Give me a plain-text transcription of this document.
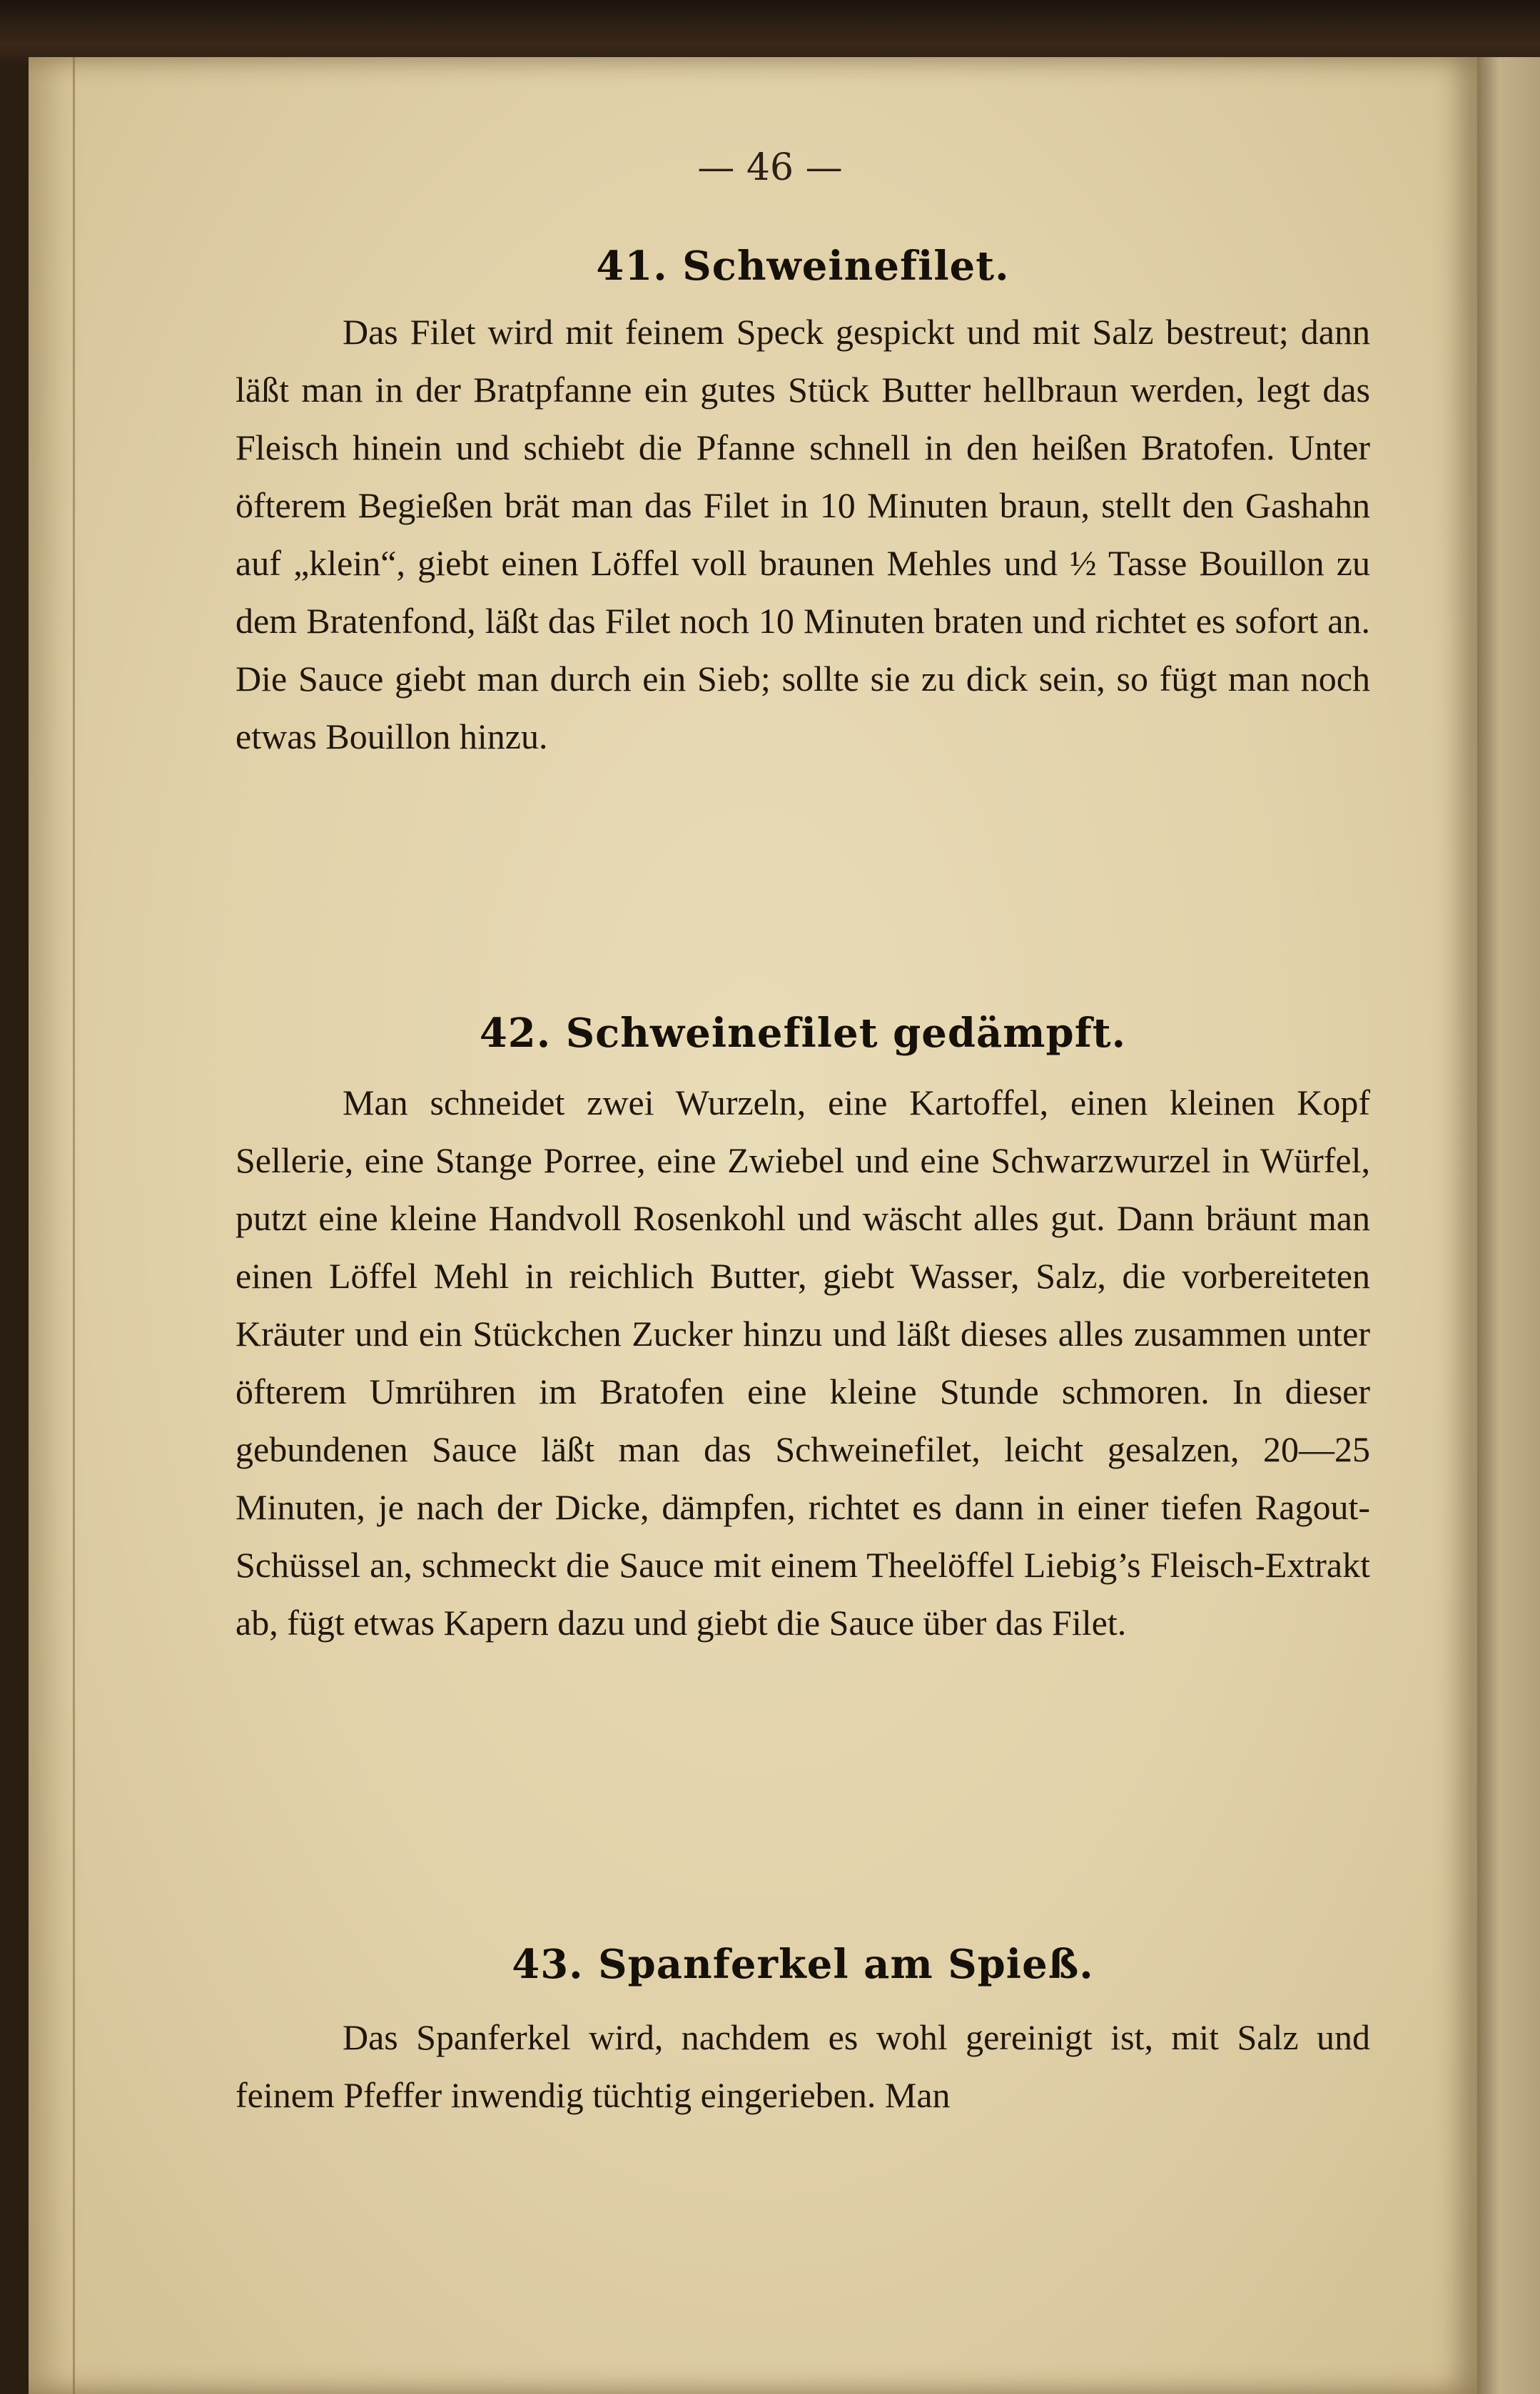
— 46 —
41. Schweinefilet.
Das Filet wird mit feinem Speck gespickt und mit Salz bestreut; dann läßt man in der Bratpfanne ein gutes Stück Butter hellbraun werden, legt das Fleisch hinein und schiebt die Pfanne schnell in den heißen Bratofen. Unter öfterem Begießen brät man das Filet in 10 Minuten braun, stellt den Gashahn auf „klein“, giebt einen Löffel voll braunen Mehles und ½ Tasse Bouillon zu dem Bratenfond, läßt das Filet noch 10 Minuten braten und richtet es sofort an. Die Sauce giebt man durch ein Sieb; sollte sie zu dick sein, so fügt man noch etwas Bouillon hinzu.
42. Schweinefilet gedämpft.
Man schneidet zwei Wurzeln, eine Kartoffel, einen kleinen Kopf Sellerie, eine Stange Porree, eine Zwiebel und eine Schwarzwurzel in Würfel, putzt eine kleine Handvoll Rosenkohl und wäscht alles gut. Dann bräunt man einen Löffel Mehl in reichlich Butter, giebt Wasser, Salz, die vorbereiteten Kräuter und ein Stückchen Zucker hinzu und läßt dieses alles zusammen unter öfterem Umrühren im Bratofen eine kleine Stunde schmoren. In dieser gebundenen Sauce läßt man das Schweinefilet, leicht gesalzen, 20—25 Minuten, je nach der Dicke, dämpfen, richtet es dann in einer tiefen Ragout-Schüssel an, schmeckt die Sauce mit einem Theelöffel Liebig’s Fleisch-Extrakt ab, fügt etwas Kapern dazu und giebt die Sauce über das Filet.
43. Spanferkel am Spieß.
Das Spanferkel wird, nachdem es wohl gereinigt ist, mit Salz und feinem Pfeffer inwendig tüchtig eingerieben. Man
